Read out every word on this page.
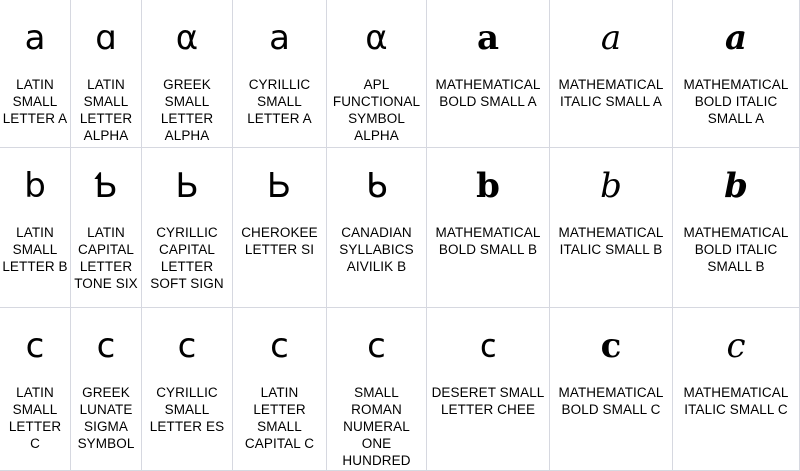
a
LATIN SMALL LETTER A
ɑ
LATIN SMALL LETTER ALPHA
α
GREEK SMALL LETTER ALPHA
а
CYRILLIC SMALL LETTER A
⍺
APL FUNCTIONAL SYMBOL ALPHA
a
MATHEMATICAL BOLD SMALL A
a
MATHEMATICAL ITALIC SMALL A
a
MATHEMATICAL BOLD ITALIC SMALL A
b
LATIN SMALL LETTER B
Ƅ
LATIN CAPITAL LETTER TONE SIX
Ь
CYRILLIC CAPITAL LETTER SOFT SIGN
Ꮟ
CHEROKEE LETTER SI
ᑲ
CANADIAN SYLLABICS AIVILIK B
b
MATHEMATICAL BOLD SMALL B
b
MATHEMATICAL ITALIC SMALL B
b
MATHEMATICAL BOLD ITALIC SMALL B
c
LATIN SMALL LETTER C
ϲ
GREEK LUNATE SIGMA SYMBOL
с
CYRILLIC SMALL LETTER ES
ᴄ
LATIN LETTER SMALL CAPITAL C
ⅽ
SMALL ROMAN NUMERAL ONE HUNDRED
𐐽
DESERET SMALL LETTER CHEE
c
MATHEMATICAL BOLD SMALL C
c
MATHEMATICAL ITALIC SMALL C
